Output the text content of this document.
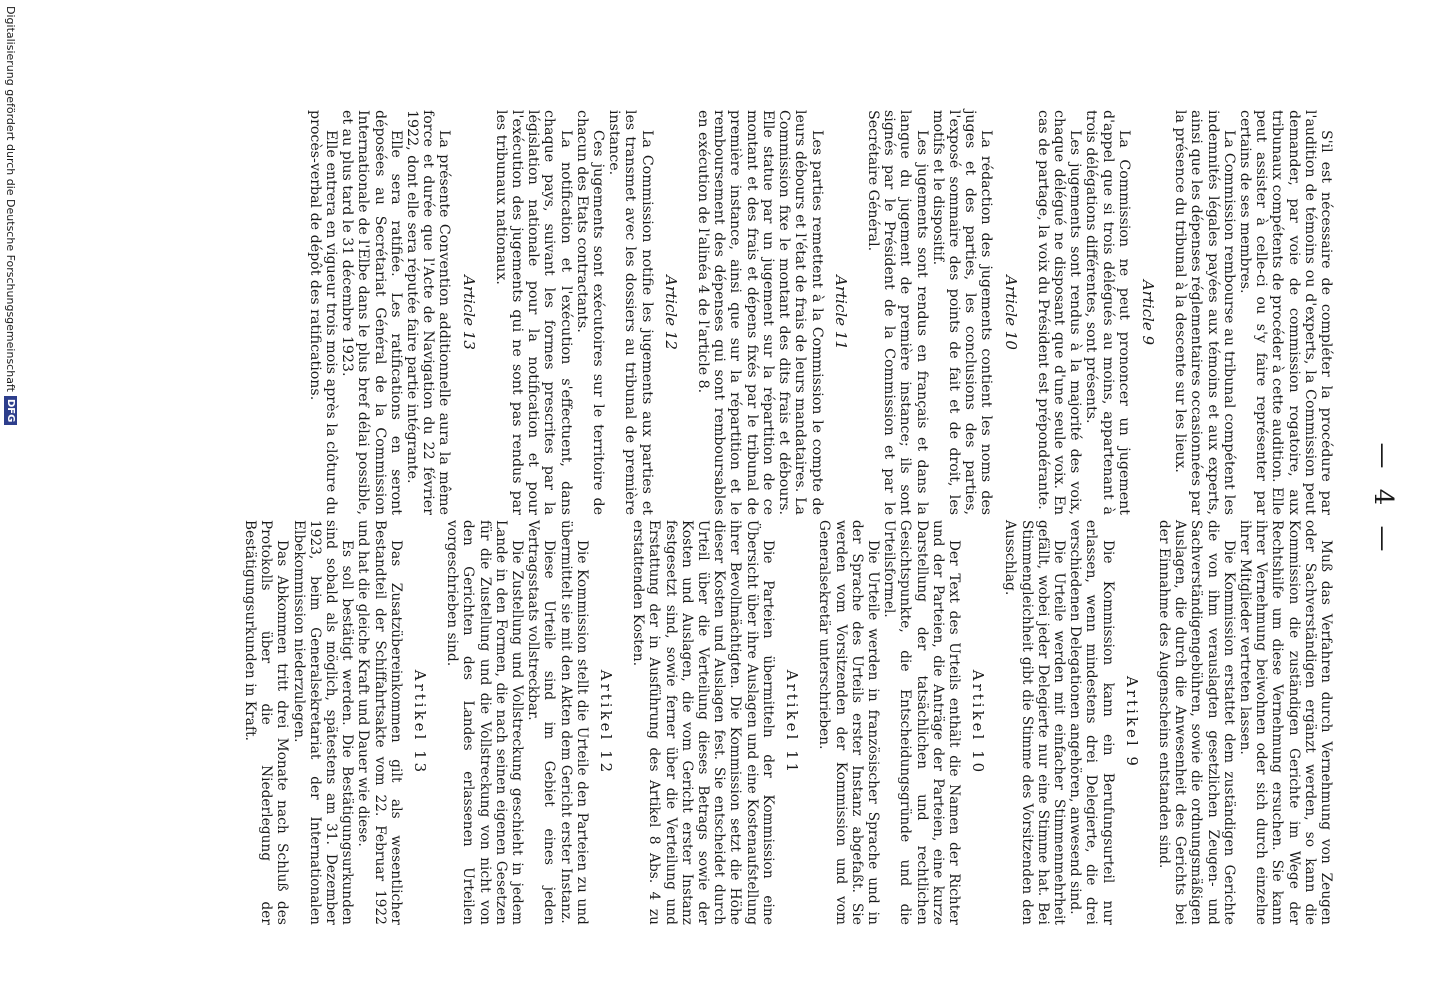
— 4 —

S'il est nécessaire de compléter la procédure par l'audition de témoins ou d'experts, la Commission peut demander, par voie de commission rogatoire, aux tribunaux compétents de procéder à cette audition. Elle peut assister à celle-ci ou s'y faire représenter par certains de ses membres.

La Commission rembourse au tribunal compétent les indemnités légales payées aux témoins et aux experts, ainsi que les dépenses réglementaires occasionnées par la présence du tribunal à la descente sur les lieux.

Article 9

La Commission ne peut prononcer un jugement d'appel que si trois délégués au moins, appartenant à trois délégations différentes, sont présents.

Les jugements sont rendus à la majorité des voix, chaque délégué ne disposant que d'une seule voix. En cas de partage, la voix du Président est prépondérante.

Article 10

La rédaction des jugements contient les noms des juges et des parties, les conclusions des parties, l'exposé sommaire des points de fait et de droit, les motifs et le dispositif.

Les jugements sont rendus en français et dans la langue du jugement de première instance; ils sont signés par le Président de la Commission et par le Secrétaire Général.

Article 11

Les parties remettent à la Commission le compte de leurs débours et l'état de frais de leurs mandataires. La Commission fixe le montant des dits frais et débours. Elle statue par un jugement sur la répartition de ce montant et des frais et dépens fixés par le tribunal de première instance, ainsi que sur la répartition et le remboursement des dépenses qui sont remboursables en exécution de l'alinéa 4 de l'article 8.

Article 12

La Commission notifie les jugements aux parties et les transmet avec les dossiers au tribunal de première instance.

Ces jugements sont exécutoires sur le territoire de chacun des Etats contractants.

La notification et l'exécution s'effectuent, dans chaque pays, suivant les formes prescrites par la législation nationale pour la notification et pour l'exécution des jugements qui ne sont pas rendus par les tribunaux nationaux.

Article 13

La présente Convention additionnelle aura la même force et durée que l'Acte de Navigation du 22 février 1922, dont elle sera réputée faire partie intégrante.

Elle sera ratifiée. Les ratifications en seront déposées au Secrétariat Général de la Commission Internationale de l'Elbe dans le plus bref délai possible, et au plus tard le 31 décembre 1923.

Elle entrera en vigueur trois mois après la clôture du procès-verbal de dépôt des ratifications.

Muß das Verfahren durch Vernehmung von Zeugen oder Sachverständigen ergänzt werden, so kann die Kommission die zuständigen Gerichte im Wege der Rechtshilfe um diese Vernehmung ersuchen. Sie kann ihrer Vernehmung beiwohnen oder sich durch einzelne ihrer Mitglieder vertreten lassen.

Die Kommission erstattet dem zuständigen Gerichte die von ihm verauslagten gesetzlichen Zeugen- und Sachverständigengebühren, sowie die ordnungsmäßigen Auslagen, die durch die Anwesenheit des Gerichts bei der Einnahme des Augenscheins entstanden sind.

Artikel 9

Die Kommission kann ein Berufungsurteil nur erlassen, wenn mindestens drei Delegierte, die drei verschiedenen Delegationen angehören, anwesend sind.

Die Urteile werden mit einfacher Stimmenmehrheit gefällt, wobei jeder Delegierte nur eine Stimme hat. Bei Stimmengleichheit gibt die Stimme des Vorsitzenden den Ausschlag.

Artikel 10

Der Text des Urteils enthält die Namen der Richter und der Parteien, die Anträge der Parteien, eine kurze Darstellung der tatsächlichen und rechtlichen Gesichtspunkte, die Entscheidungsgründe und die Urteilsformel.

Die Urteile werden in französischer Sprache und in der Sprache des Urteils erster Instanz abgefaßt. Sie werden vom Vorsitzenden der Kommission und vom Generalsekretär unterschrieben.

Artikel 11

Die Parteien übermitteln der Kommission eine Übersicht über ihre Auslagen und eine Kostenaufstellung ihrer Bevollmächtigten. Die Kommission setzt die Höhe dieser Kosten und Auslagen fest. Sie entscheidet durch Urteil über die Verteilung dieses Betrags sowie der Kosten und Auslagen, die vom Gericht erster Instanz festgesetzt sind, sowie ferner über die Verteilung und Erstattung der in Ausführung des Artikel 8 Abs. 4 zu erstattenden Kosten.

Artikel 12

Die Kommission stellt die Urteile den Parteien zu und übermittelt sie mit den Akten dem Gericht erster Instanz.

Diese Urteile sind im Gebiet eines jeden Vertragsstaats vollstreckbar.

Die Zustellung und Vollstreckung geschieht in jedem Lande in den Formen, die nach seinen eigenen Gesetzen für die Zustellung und die Vollstreckung von nicht von den Gerichten des Landes erlassenen Urteilen vorgeschrieben sind.

Artikel 13

Das Zusatzübereinkommen gilt als wesentlicher Bestandteil der Schiffahrtsakte vom 22. Februar 1922 und hat die gleiche Kraft und Dauer wie diese.

Es soll bestätigt werden. Die Bestätigungsurkunden sind sobald als möglich, spätestens am 31. Dezember 1923, beim Generalsekretariat der Internationalen Elbekommission niederzulegen.

Das Abkommen tritt drei Monate nach Schluß des Protokolls über die Niederlegung der Bestätigungsurkunden in Kraft.

Digitalisierung gefördert durch die Deutsche Forschungsgemeinschaft
DFG
